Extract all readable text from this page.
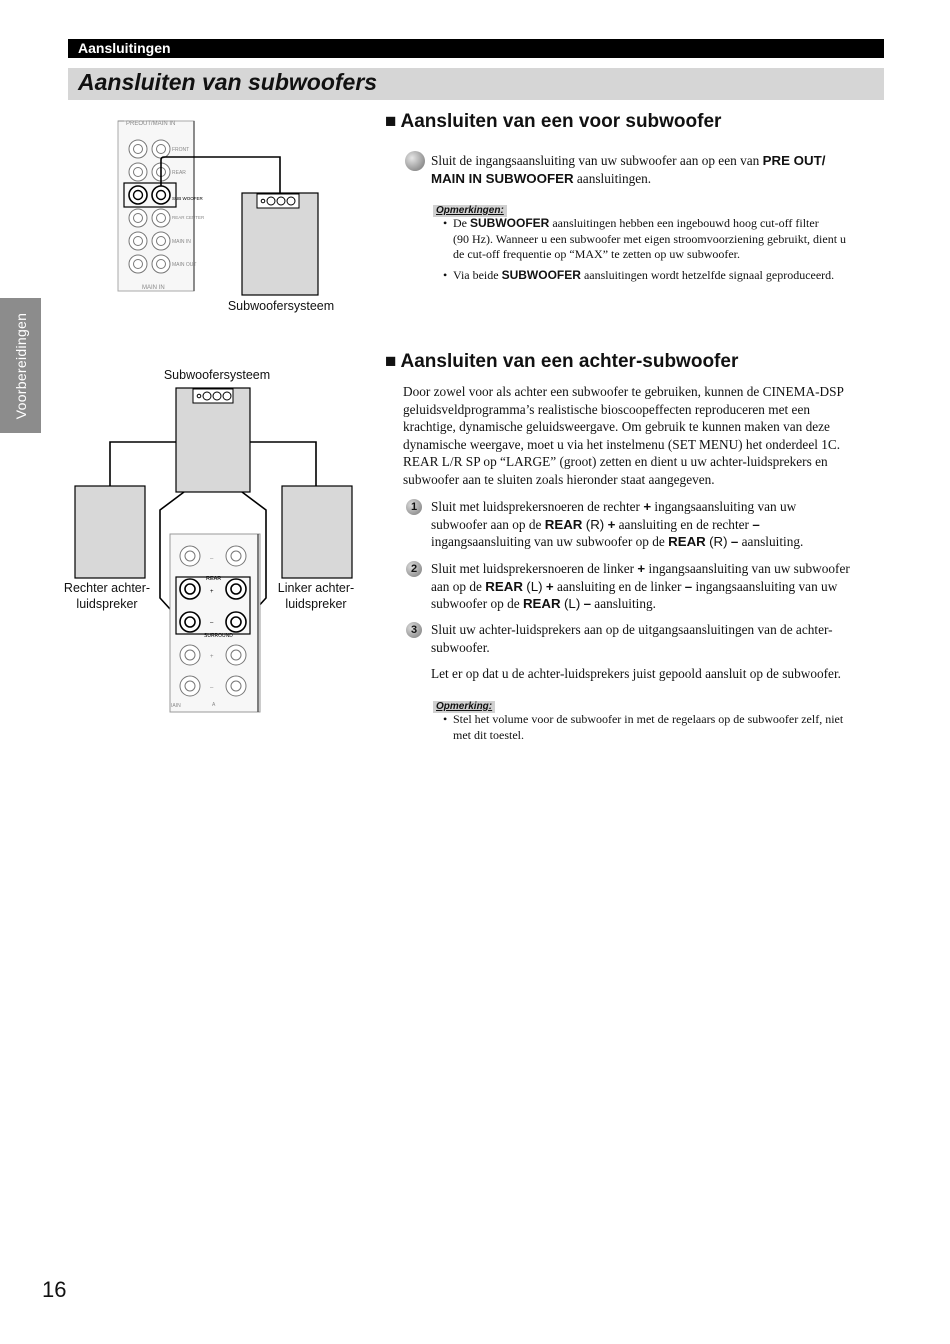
Aansluitingen
Aansluiten van subwoofers
Voorbereidingen
PREOUT/MAIN IN
FRONT
REAR
SUB WOOFER
REAR CENTER
MAIN IN
MAIN OUT
MAIN IN
Subwoofersysteem
Subwoofersysteem
–
+
–
+
–
REAR
SURROUND
A
IAIN
Rechter achter-
luidspreker
Linker achter-
luidspreker
■ Aansluiten van een voor subwoofer
Sluit de ingangsaansluiting van uw subwoofer aan op een van PRE OUT/
MAIN IN SUBWOOFER aansluitingen.
Opmerkingen:
• De SUBWOOFER aansluitingen hebben een ingebouwd hoog cut-off filter
(90 Hz). Wanneer u een subwoofer met eigen stroomvoorziening gebruikt, dient u
de cut-off frequentie op “MAX” te zetten op uw subwoofer.
• Via beide SUBWOOFER aansluitingen wordt hetzelfde signaal geproduceerd.
■ Aansluiten van een achter-subwoofer
Door zowel voor als achter een subwoofer te gebruiken, kunnen de CINEMA-DSP
geluidsveldprogramma’s realistische bioscoopeffecten reproduceren met een
krachtige, dynamische geluidsweergave. Om gebruik te kunnen maken van deze
dynamische weergave, moet u via het instelmenu (SET MENU) het onderdeel 1C.
REAR L/R SP op “LARGE” (groot) zetten en dient u uw achter-luidsprekers en
subwoofer aan te sluiten zoals hieronder staat aangegeven.
1	Sluit met luidsprekersnoeren de rechter + ingangsaansluiting van uw
subwoofer aan op de REAR (R) + aansluiting en de rechter –
ingangsaansluiting van uw subwoofer op de REAR (R) – aansluiting.
2	Sluit met luidsprekersnoeren de linker + ingangsaansluiting van uw subwoofer
aan op de REAR (L) + aansluiting en de linker – ingangsaansluiting van uw
subwoofer op de REAR (L) – aansluiting.
3	Sluit uw achter-luidsprekers aan op de uitgangsaansluitingen van de achter-
subwoofer.
Let er op dat u de achter-luidsprekers juist gepoold aansluit op de subwoofer.
Opmerking:
• Stel het volume voor de subwoofer in met de regelaars op de subwoofer zelf, niet
met dit toestel.
16
